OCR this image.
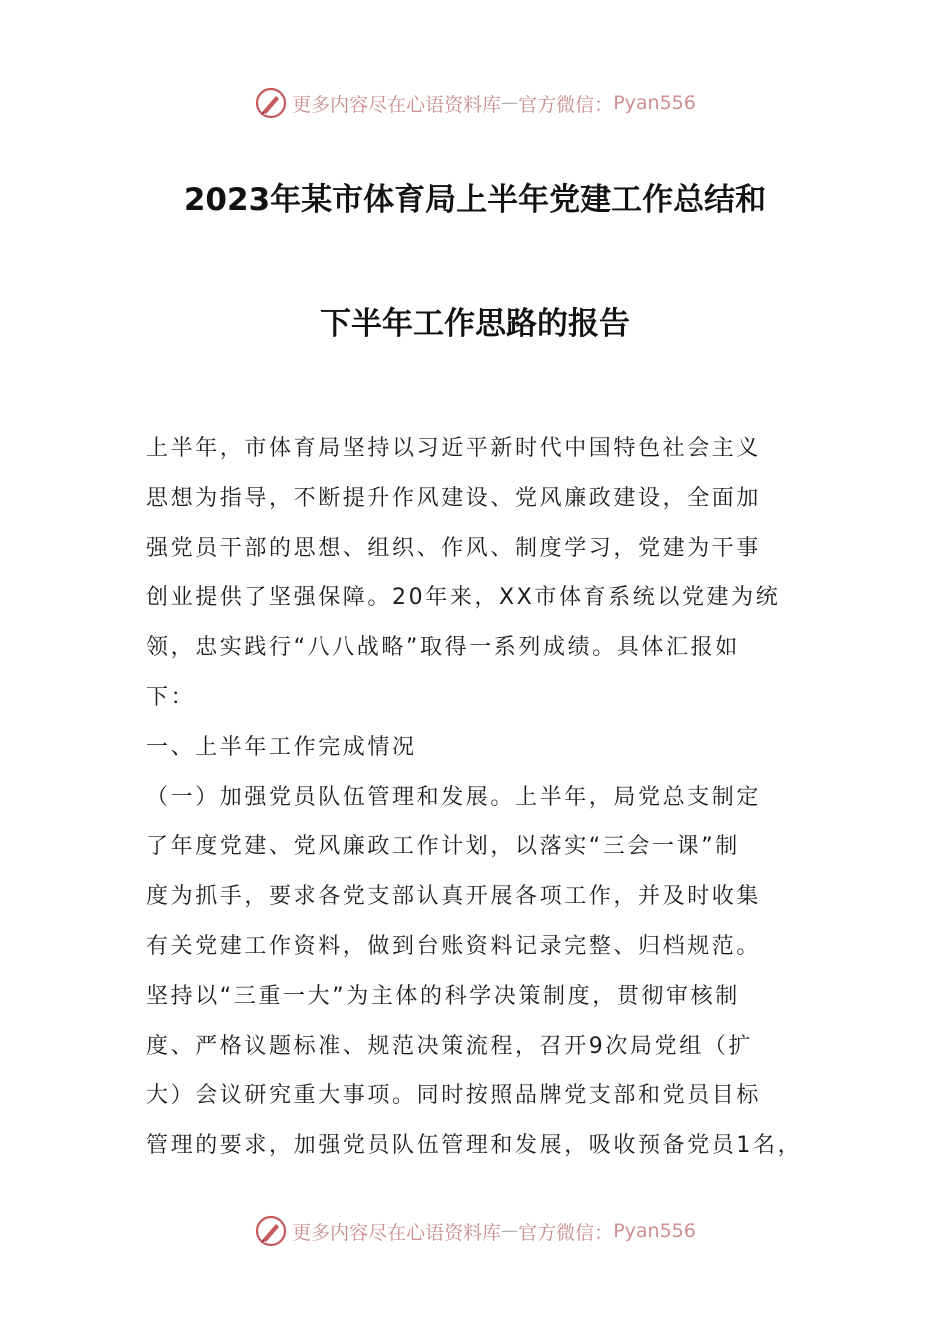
更多内容尽在心语资料库 — 官方微信： Pyan556
2023年某市体育局上半年党建工作总结和
下半年工作思路的报告
上半年，市体育局坚持以习近平新时代中国特色社会主义
思想为指导，不断提升作风建设、党风廉政建设，全面加
强党员干部的思想、组织、作风、制度学习，党建为干事
创业提供了坚强保障。20年来，XX市体育系统以党建为统
领，忠实践行“八八战略”取得一系列成绩。具体汇报如
下：
一、上半年工作完成情况
（一）加强党员队伍管理和发展。上半年，局党总支制定
了年度党建、党风廉政工作计划，以落实“三会一课”制
度为抓手，要求各党支部认真开展各项工作，并及时收集
有关党建工作资料，做到台账资料记录完整、归档规范。
坚持以“三重一大”为主体的科学决策制度，贯彻审核制
度、严格议题标准、规范决策流程，召开9次局党组（扩
大）会议研究重大事项。同时按照品牌党支部和党员目标
管理的要求，加强党员队伍管理和发展，吸收预备党员1名，
更多内容尽在心语资料库 — 官方微信： Pyan556
